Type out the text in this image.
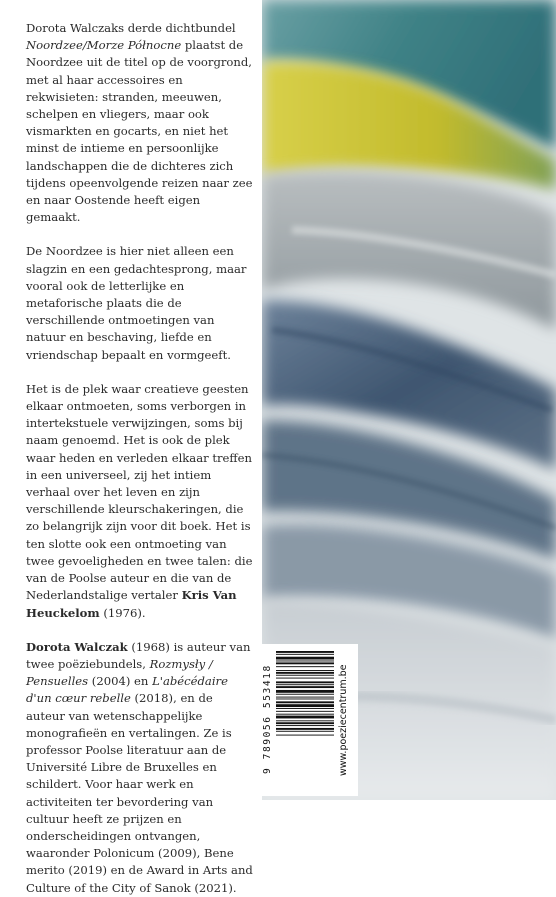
Dorota Walczaks derde dichtbundel Noordzee/Morze Północne plaatst de Noordzee uit de titel op de voorgrond, met al haar accessoires en rekwisieten: stranden, meeuwen, schelpen en vliegers, maar ook vismarkten en gocarts, en niet het minst de intieme en persoonlijke landschappen die de dichteres zich tijdens opeenvolgende reizen naar zee en naar Oostende heeft eigen gemaakt.

De Noordzee is hier niet alleen een slagzin en een gedachtesprong, maar vooral ook de letterlijke en metaforische plaats die de verschillende ontmoetingen van natuur en beschaving, liefde en vriendschap bepaalt en vormgeeft.

Het is de plek waar creatieve geesten elkaar ontmoeten, soms verborgen in intertekstuele verwijzingen, soms bij naam genoemd. Het is ook de plek waar heden en verleden elkaar treffen in een universeel, zij het intiem verhaal over het leven en zijn verschillende kleurschakeringen, die zo belangrijk zijn voor dit boek. Het is ten slotte ook een ontmoeting van twee gevoeligheden en twee talen: die van de Poolse auteur en die van de Nederlandstalige vertaler Kris Van Heuckelom (1976).

Dorota Walczak (1968) is auteur van twee poëziebundels, Rozmysły / Pensuelles (2004) en L'abécédaire d'un cœur rebelle (2018), en de auteur van wetenschappelijke monografieën en vertalingen. Ze is professor Poolse literatuur aan de Université Libre de Bruxelles en schildert. Voor haar werk en activiteiten ter bevordering van cultuur heeft ze prijzen en onderscheidingen ontvangen, waaronder Polonicum (2009), Bene merito (2019) en de Award in Arts and Culture of the City of Sanok (2021).

9 789056 553418	www.poeziecentrum.be
